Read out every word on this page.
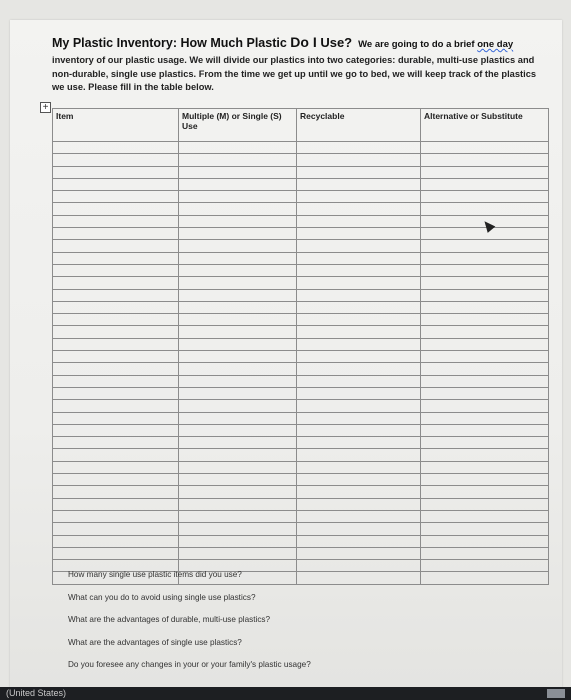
My Plastic Inventory: How Much Plastic Do I Use? We are going to do a brief one day
inventory of our plastic usage. We will divide our plastics into two categories: durable, multi-use plastics and non-durable, single use plastics. From the time we get up until we go to bed, we will keep track of the plastics we use. Please fill in the table below.
+
Item	Multiple (M) or Single (S) Use	Recyclable	Alternative or Substitute

How many single use plastic items did you use?
What can you do to avoid using single use plastics?
What are the advantages of durable, multi-use plastics?
What are the advantages of single use plastics?
Do you foresee any changes in your or your family's plastic usage?
(United States)
